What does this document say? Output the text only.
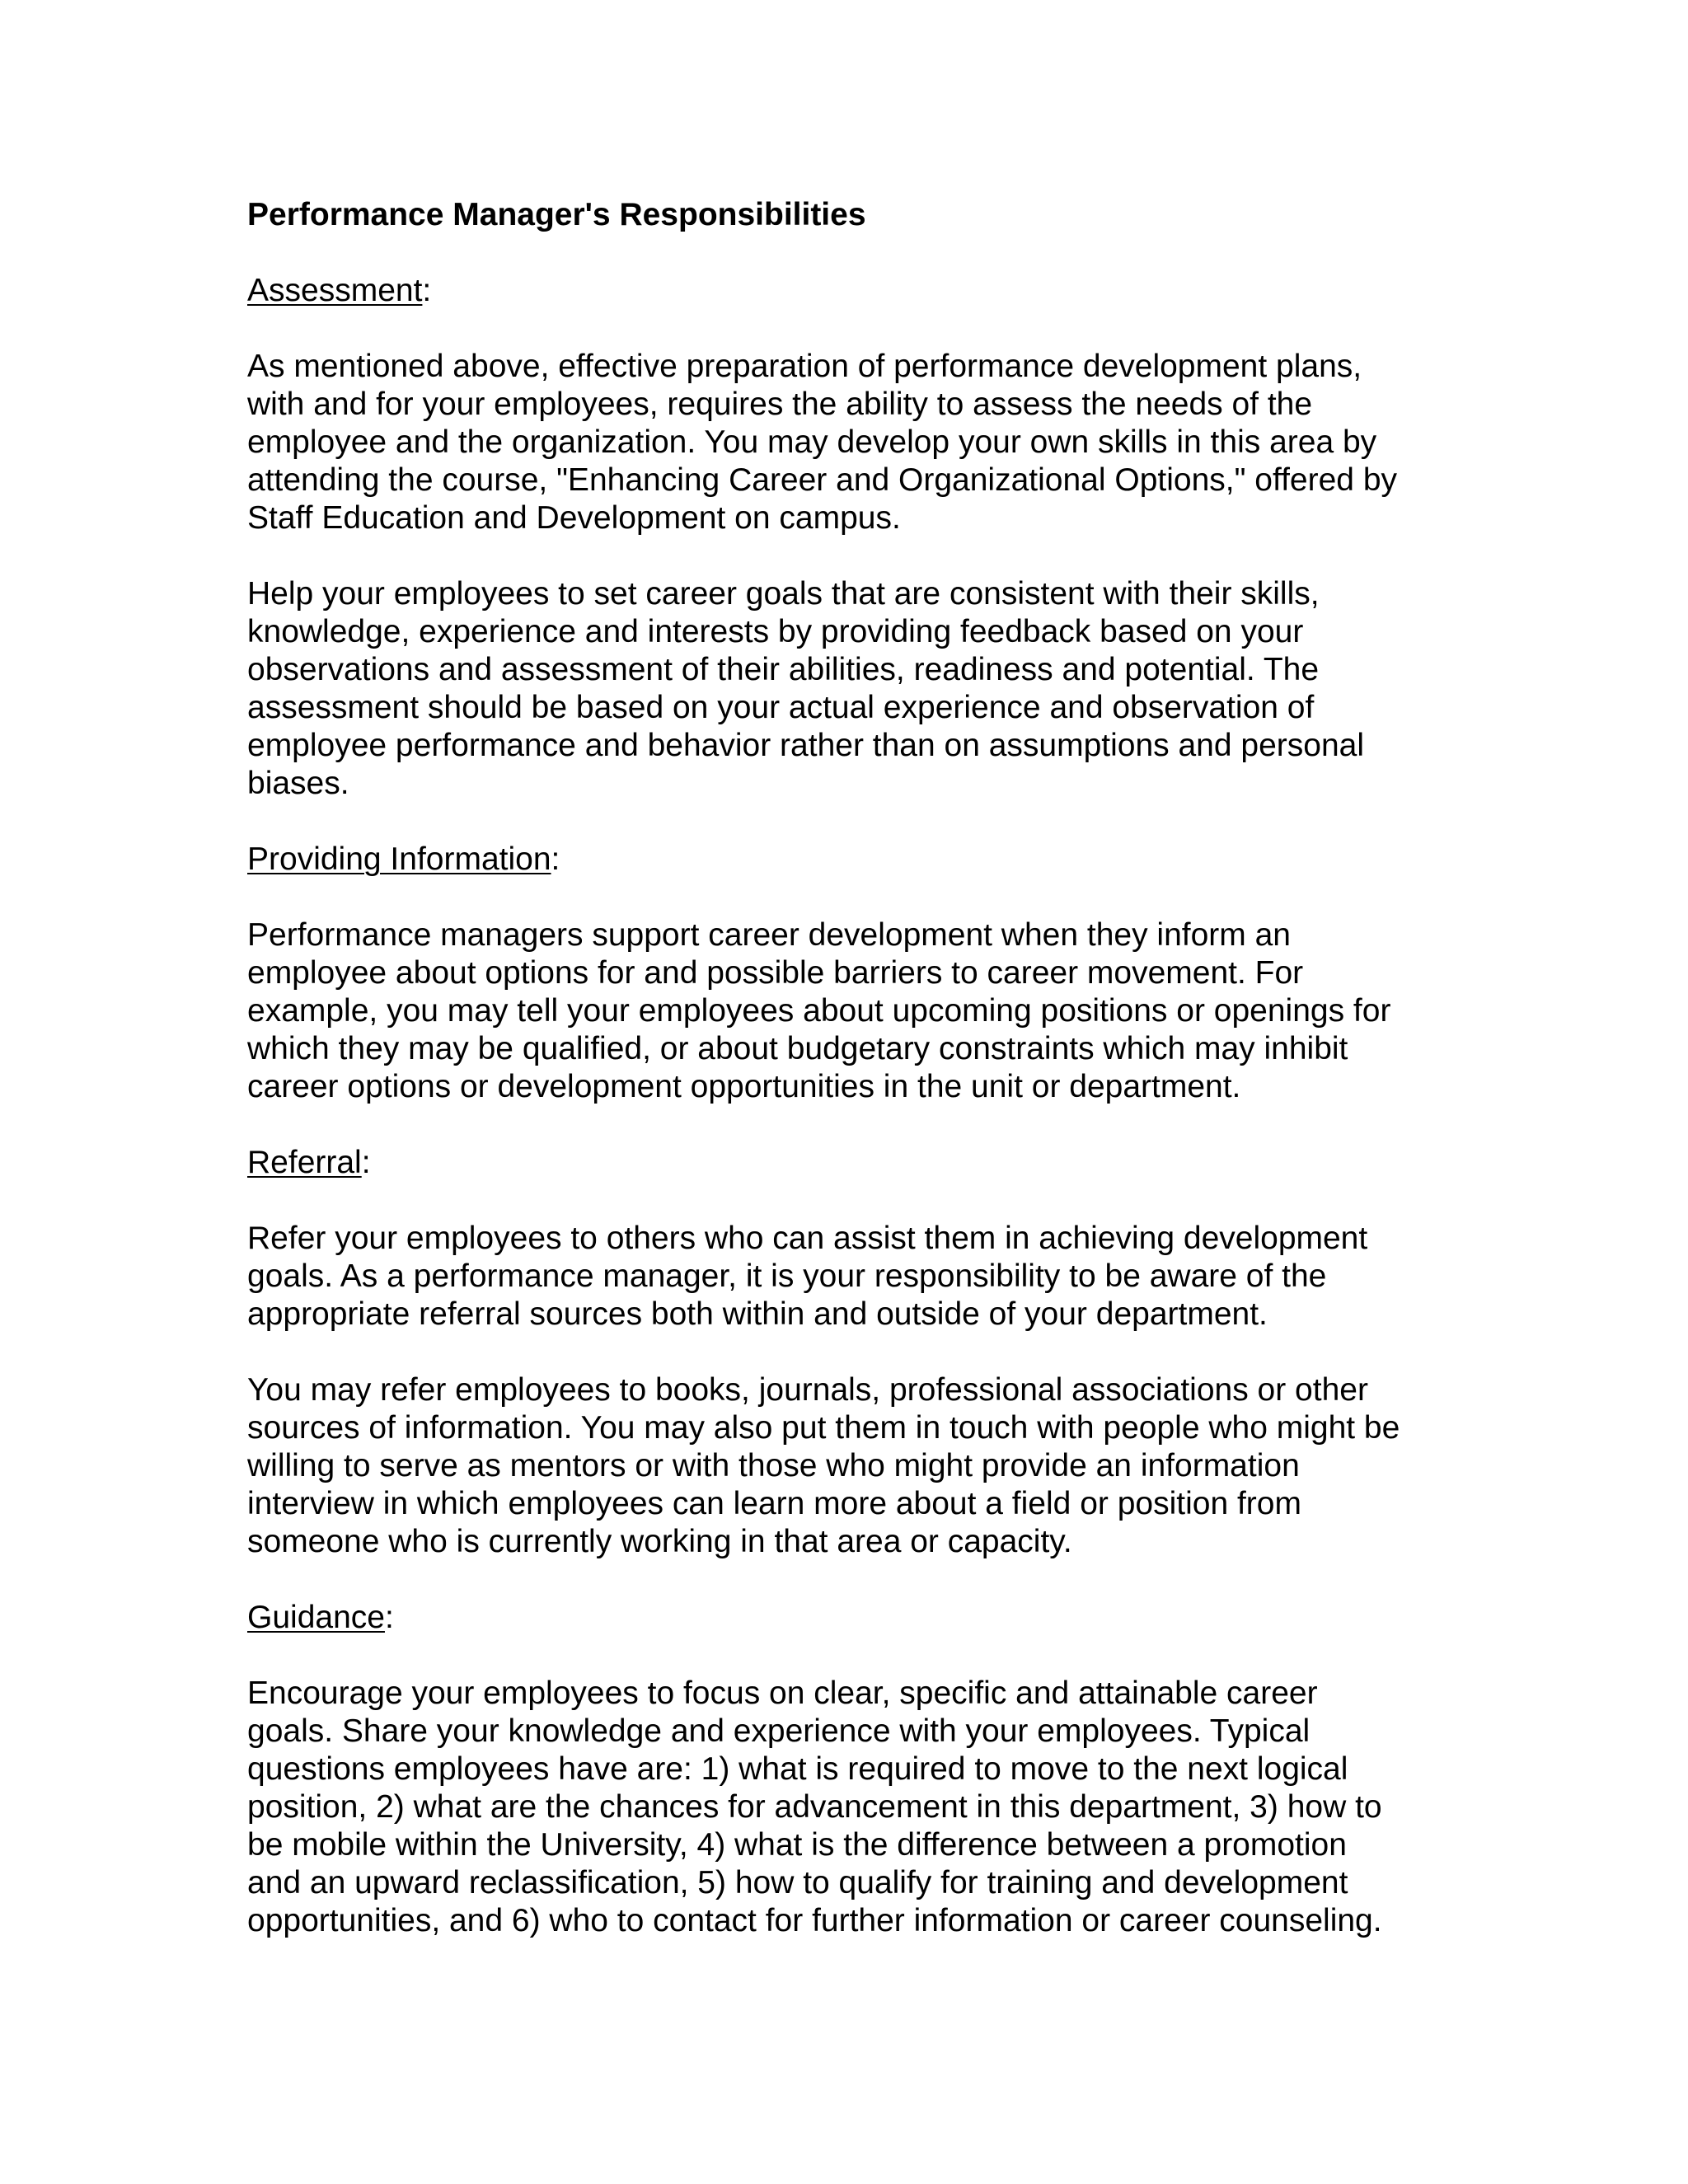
Performance Manager's Responsibilities
Assessment:

As mentioned above, effective preparation of performance development plans,
with and for your employees, requires the ability to assess the needs of the
employee and the organization. You may develop your own skills in this area by
attending the course, "Enhancing Career and Organizational Options," offered by
Staff Education and Development on campus.

Help your employees to set career goals that are consistent with their skills,
knowledge, experience and interests by providing feedback based on your
observations and assessment of their abilities, readiness and potential. The
assessment should be based on your actual experience and observation of
employee performance and behavior rather than on assumptions and personal
biases.

Providing Information:

Performance managers support career development when they inform an
employee about options for and possible barriers to career movement. For
example, you may tell your employees about upcoming positions or openings for
which they may be qualified, or about budgetary constraints which may inhibit
career options or development opportunities in the unit or department.

Referral:

Refer your employees to others who can assist them in achieving development
goals. As a performance manager, it is your responsibility to be aware of the
appropriate referral sources both within and outside of your department.

You may refer employees to books, journals, professional associations or other
sources of information. You may also put them in touch with people who might be
willing to serve as mentors or with those who might provide an information
interview in which employees can learn more about a field or position from
someone who is currently working in that area or capacity.

Guidance:

Encourage your employees to focus on clear, specific and attainable career
goals. Share your knowledge and experience with your employees. Typical
questions employees have are: 1) what is required to move to the next logical
position, 2) what are the chances for advancement in this department, 3) how to
be mobile within the University, 4) what is the difference between a promotion
and an upward reclassification, 5) how to qualify for training and development
opportunities, and 6) who to contact for further information or career counseling.
